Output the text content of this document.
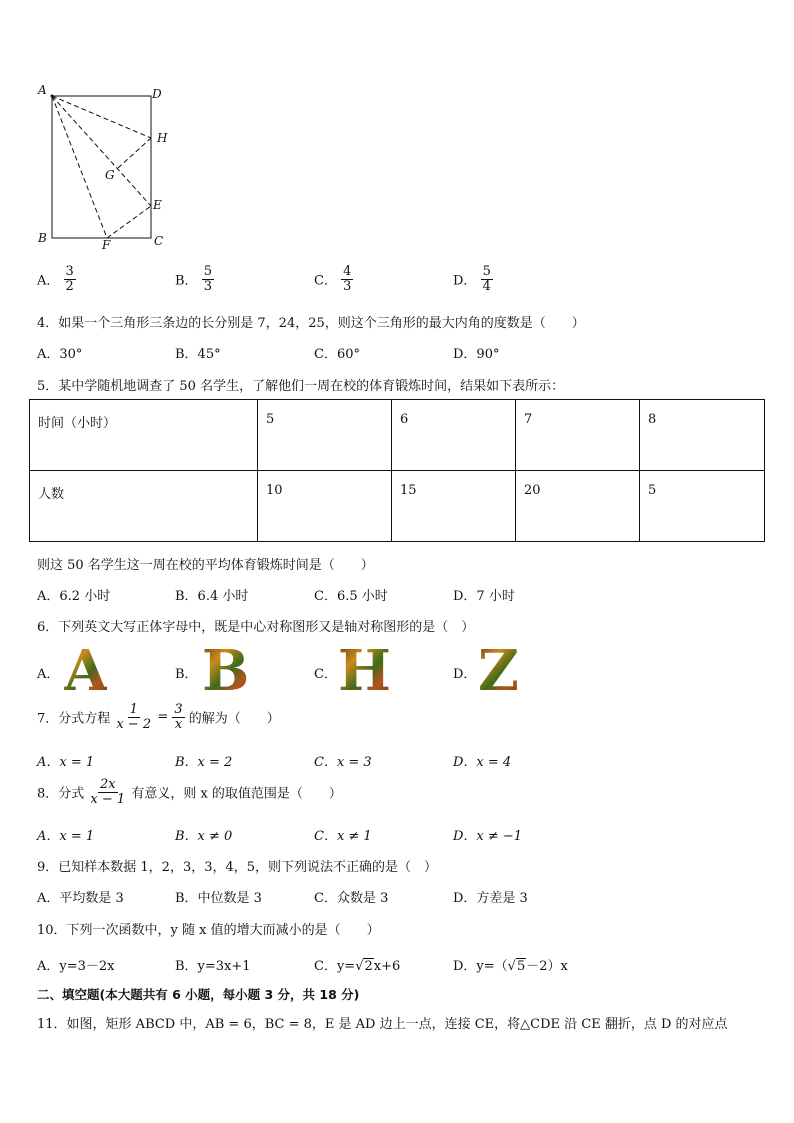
A	D
H
G
E
B	F	C
A． $\frac{3}{2}$	B． $\frac{5}{3}$	C． $\frac{4}{3}$	D． $\frac{5}{4}$
4．如果一个三角形三条边的长分别是 7，24，25，则这个三角形的最大内角的度数是（　　）
A．30°	B．45°	C．60°	D．90°
5．某中学随机地调查了 50 名学生，了解他们一周在校的体育锻炼时间，结果如下表所示：
时间（小时）	5	6	7	8
人数	10	15	20	5
则这 50 名学生这一周在校的平均体育锻炼时间是（　　）
A．6.2 小时	B．6.4 小时	C．6.5 小时	D．7 小时
6．下列英文大写正体字母中，既是中心对称图形又是轴对称图形的是（　）
A． A	B． B	C． H	D． Z
7．分式方程 $\frac{1}{x - 2} = \frac{3}{x}$ 的解为（　　）
A．x = 1	B．x = 2	C．x = 3	D．x = 4
8．分式 $\frac{2x}{x - 1}$ 有意义，则 x 的取值范围是（　　）
A．x = 1	B．x ≠ 0	C．x ≠ 1	D．x ≠ −1
9．已知样本数据 1，2，3，3，4，5，则下列说法不正确的是（　）
A．平均数是 3	B．中位数是 3	C．众数是 3	D．方差是 3
10．下列一次函数中，y 随 x 值的增大而减小的是（　　）
A．y=3－2x	B．y=3x+1	C．y=√2x+6	D．y=（√5－2）x
二、填空题(本大题共有 6 小题，每小题 3 分，共 18 分)
11．如图，矩形 ABCD 中，AB = 6，BC = 8，E 是 AD 边上一点，连接 CE，将△CDE 沿 CE 翻折，点 D 的对应点
